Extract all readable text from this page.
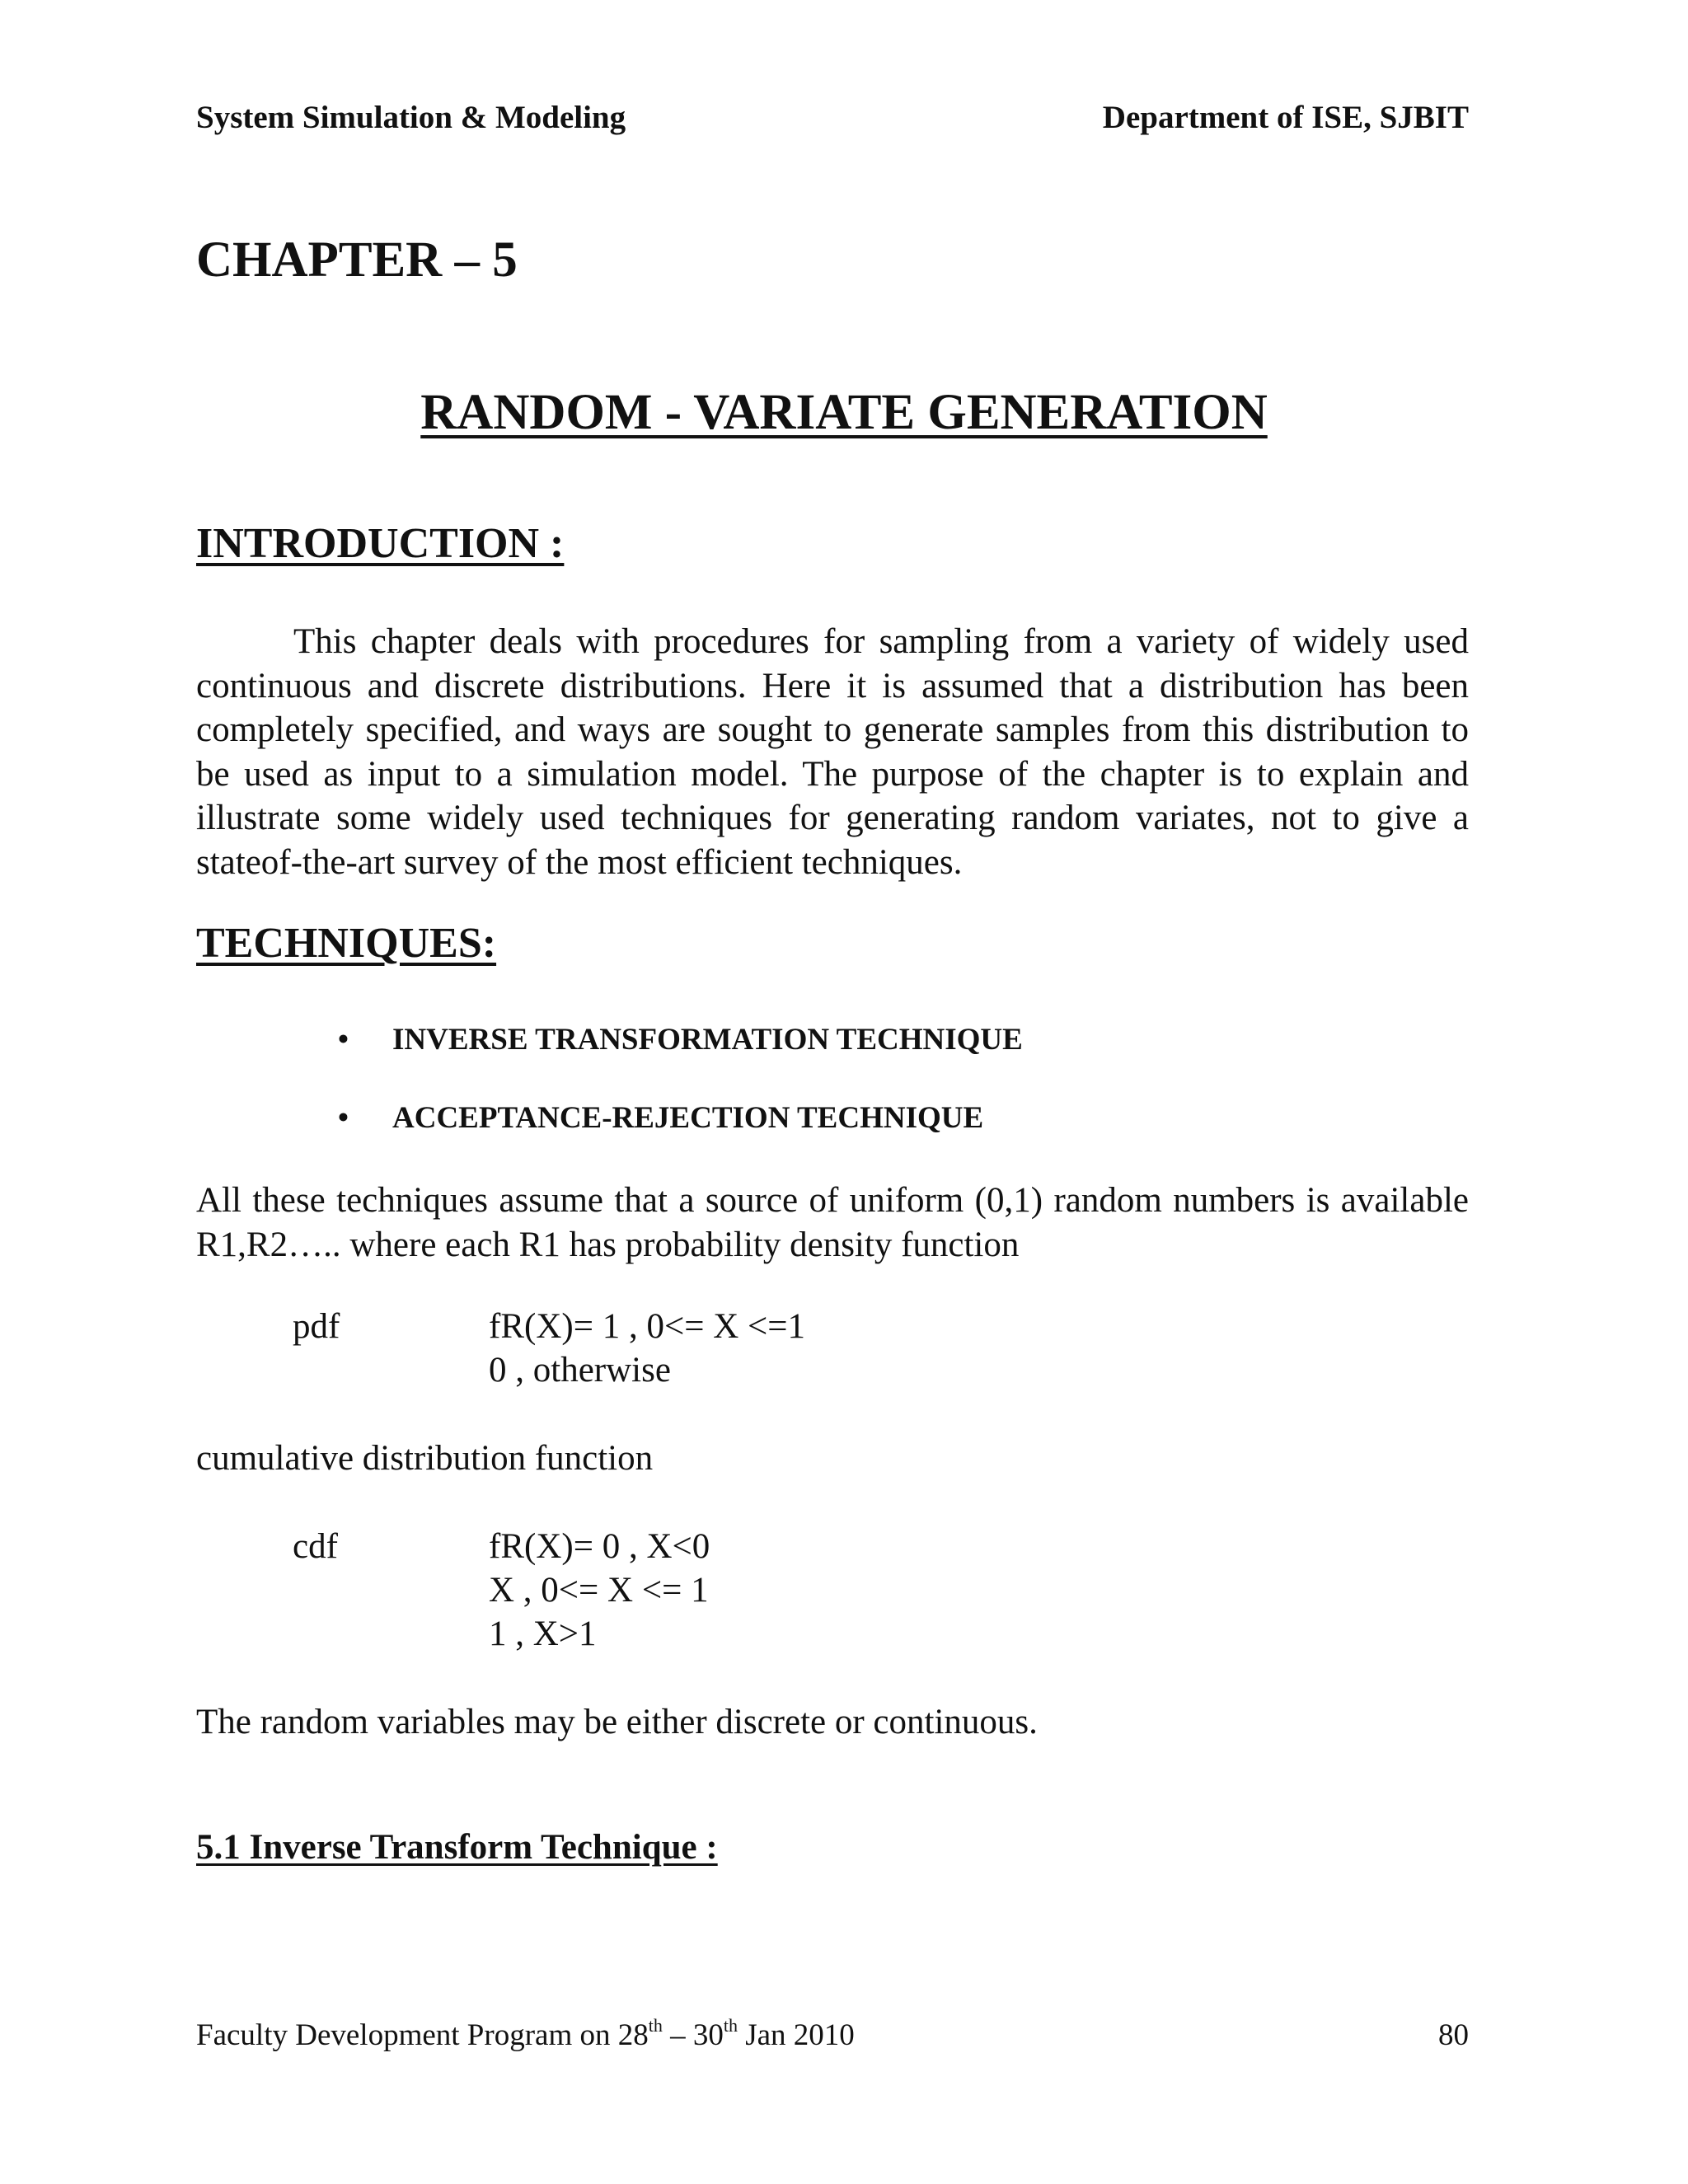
System Simulation & Modeling	Department of ISE, SJBIT
CHAPTER – 5
RANDOM - VARIATE GENERATION
INTRODUCTION :
This chapter deals with procedures for sampling from a variety of widely used continuous and discrete distributions. Here it is assumed that a distribution has been completely specified, and ways are sought to generate samples from this distribution to be used as input to a simulation model. The purpose of the chapter is to explain and illustrate some widely used techniques for generating random variates, not to give a stateof-the-art survey of the most efficient techniques.
TECHNIQUES:
• INVERSE TRANSFORMATION TECHNIQUE
• ACCEPTANCE-REJECTION TECHNIQUE
All these techniques assume that a source of uniform (0,1) random numbers is available R1,R2….. where each R1 has probability density function
pdf	fR(X)= 1 , 0<= X <=1
0 , otherwise
cumulative distribution function
cdf	fR(X)= 0 , X<0
X , 0<= X <= 1
1 , X>1
The random variables may be either discrete or continuous.
5.1 Inverse Transform Technique :
Faculty Development Program on 28th – 30th Jan 2010	80
